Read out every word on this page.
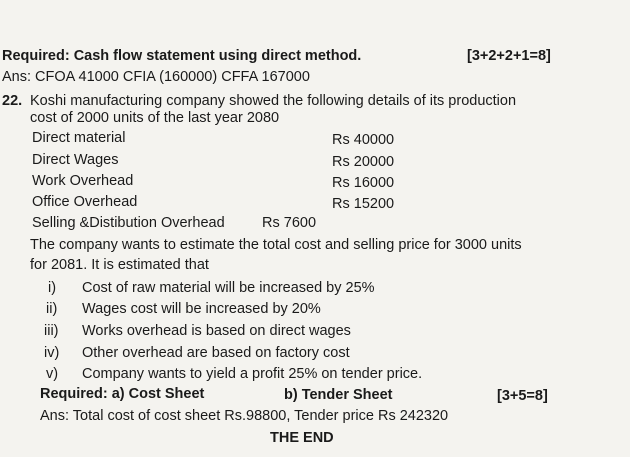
Required: Cash flow statement using direct method.	[3+2+2+1=8]
Ans: CFOA 41000 CFIA (160000) CFFA 167000
22. Koshi manufacturing company showed the following details of its production
cost of 2000 units of the last year 2080
Direct material	Rs 40000
Direct Wages	Rs 20000
Work Overhead	Rs 16000
Office Overhead	Rs 15200
Selling &Distibution Overhead	Rs 7600
The company wants to estimate the total cost and selling price for 3000 units
for 2081. It is estimated that
i) Cost of raw material will be increased by 25%
ii) Wages cost will be increased by 20%
iii) Works overhead is based on direct wages
iv) Other overhead are based on factory cost
v) Company wants to yield a profit 25% on tender price.
Required: a) Cost Sheet	b) Tender Sheet	[3+5=8]
Ans: Total cost of cost sheet Rs.98800, Tender price Rs 242320
THE END
